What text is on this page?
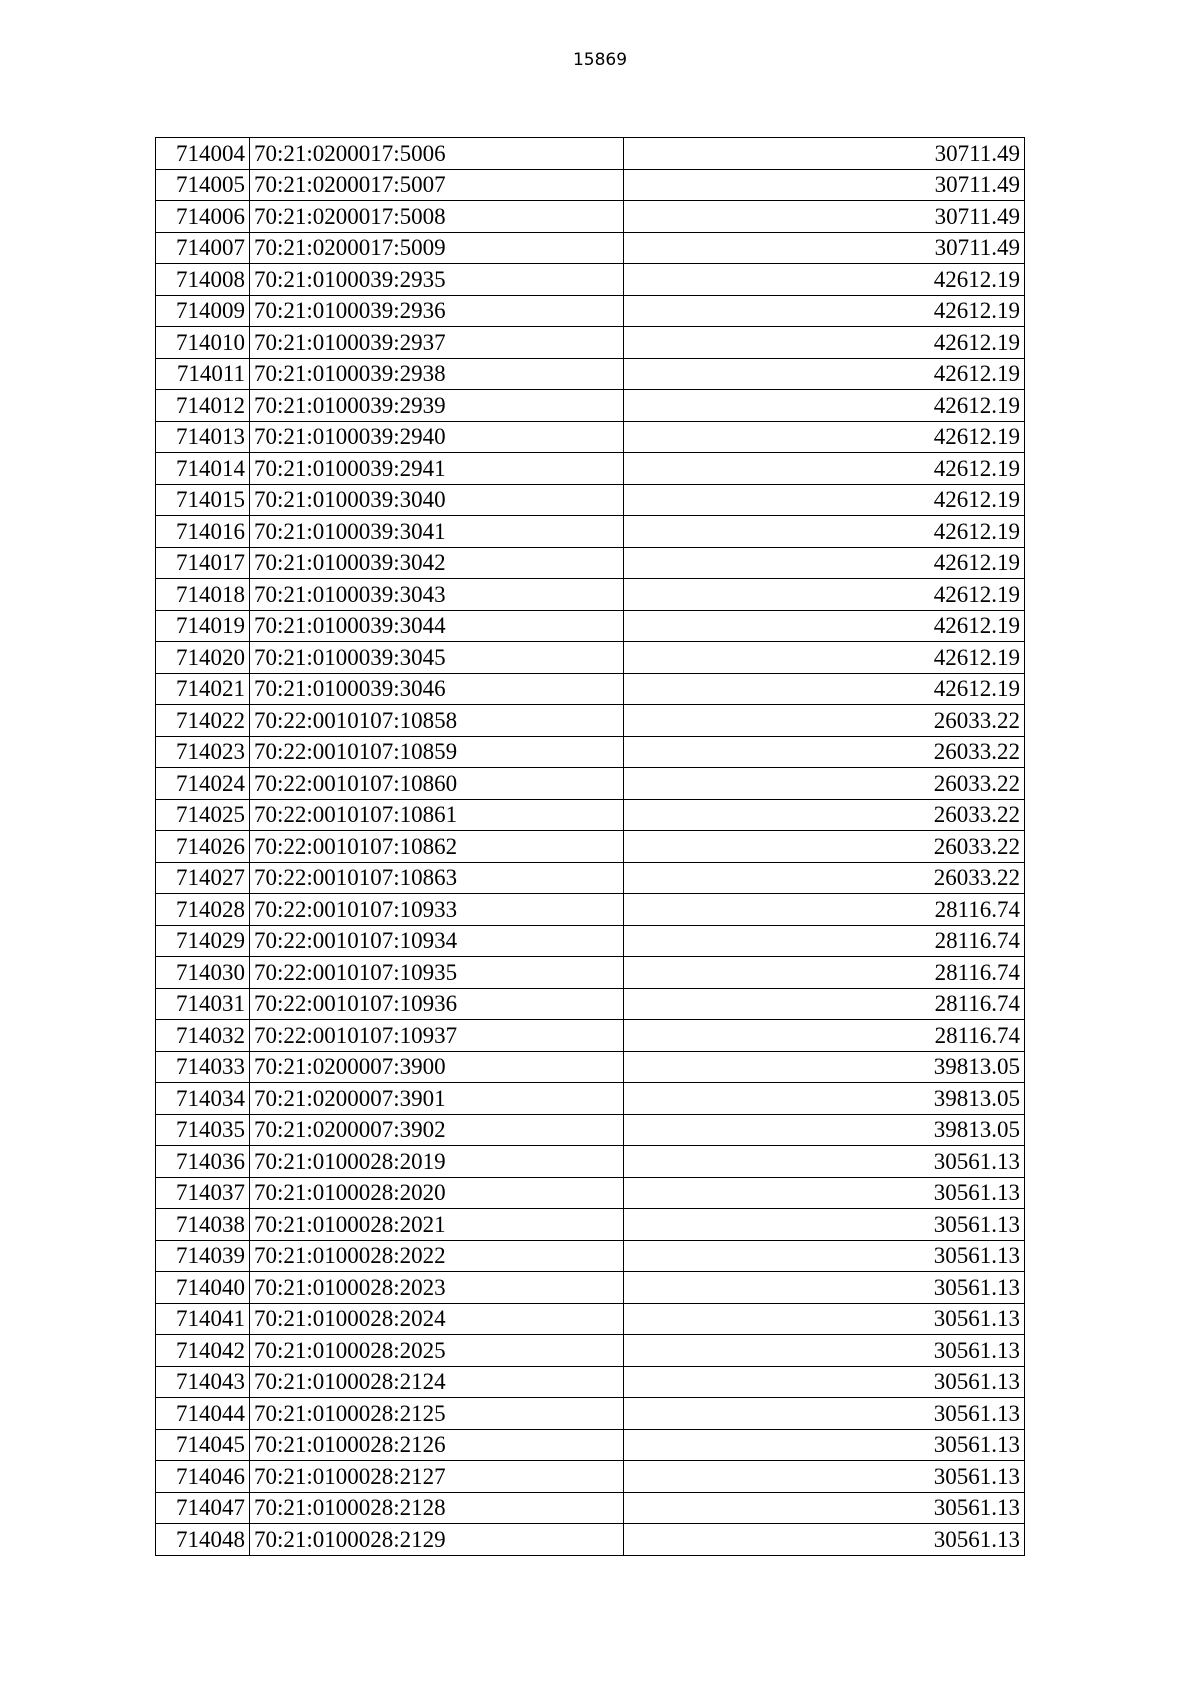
15869
714004	70:21:0200017:5006	30711.49
714005	70:21:0200017:5007	30711.49
714006	70:21:0200017:5008	30711.49
714007	70:21:0200017:5009	30711.49
714008	70:21:0100039:2935	42612.19
714009	70:21:0100039:2936	42612.19
714010	70:21:0100039:2937	42612.19
714011	70:21:0100039:2938	42612.19
714012	70:21:0100039:2939	42612.19
714013	70:21:0100039:2940	42612.19
714014	70:21:0100039:2941	42612.19
714015	70:21:0100039:3040	42612.19
714016	70:21:0100039:3041	42612.19
714017	70:21:0100039:3042	42612.19
714018	70:21:0100039:3043	42612.19
714019	70:21:0100039:3044	42612.19
714020	70:21:0100039:3045	42612.19
714021	70:21:0100039:3046	42612.19
714022	70:22:0010107:10858	26033.22
714023	70:22:0010107:10859	26033.22
714024	70:22:0010107:10860	26033.22
714025	70:22:0010107:10861	26033.22
714026	70:22:0010107:10862	26033.22
714027	70:22:0010107:10863	26033.22
714028	70:22:0010107:10933	28116.74
714029	70:22:0010107:10934	28116.74
714030	70:22:0010107:10935	28116.74
714031	70:22:0010107:10936	28116.74
714032	70:22:0010107:10937	28116.74
714033	70:21:0200007:3900	39813.05
714034	70:21:0200007:3901	39813.05
714035	70:21:0200007:3902	39813.05
714036	70:21:0100028:2019	30561.13
714037	70:21:0100028:2020	30561.13
714038	70:21:0100028:2021	30561.13
714039	70:21:0100028:2022	30561.13
714040	70:21:0100028:2023	30561.13
714041	70:21:0100028:2024	30561.13
714042	70:21:0100028:2025	30561.13
714043	70:21:0100028:2124	30561.13
714044	70:21:0100028:2125	30561.13
714045	70:21:0100028:2126	30561.13
714046	70:21:0100028:2127	30561.13
714047	70:21:0100028:2128	30561.13
714048	70:21:0100028:2129	30561.13
